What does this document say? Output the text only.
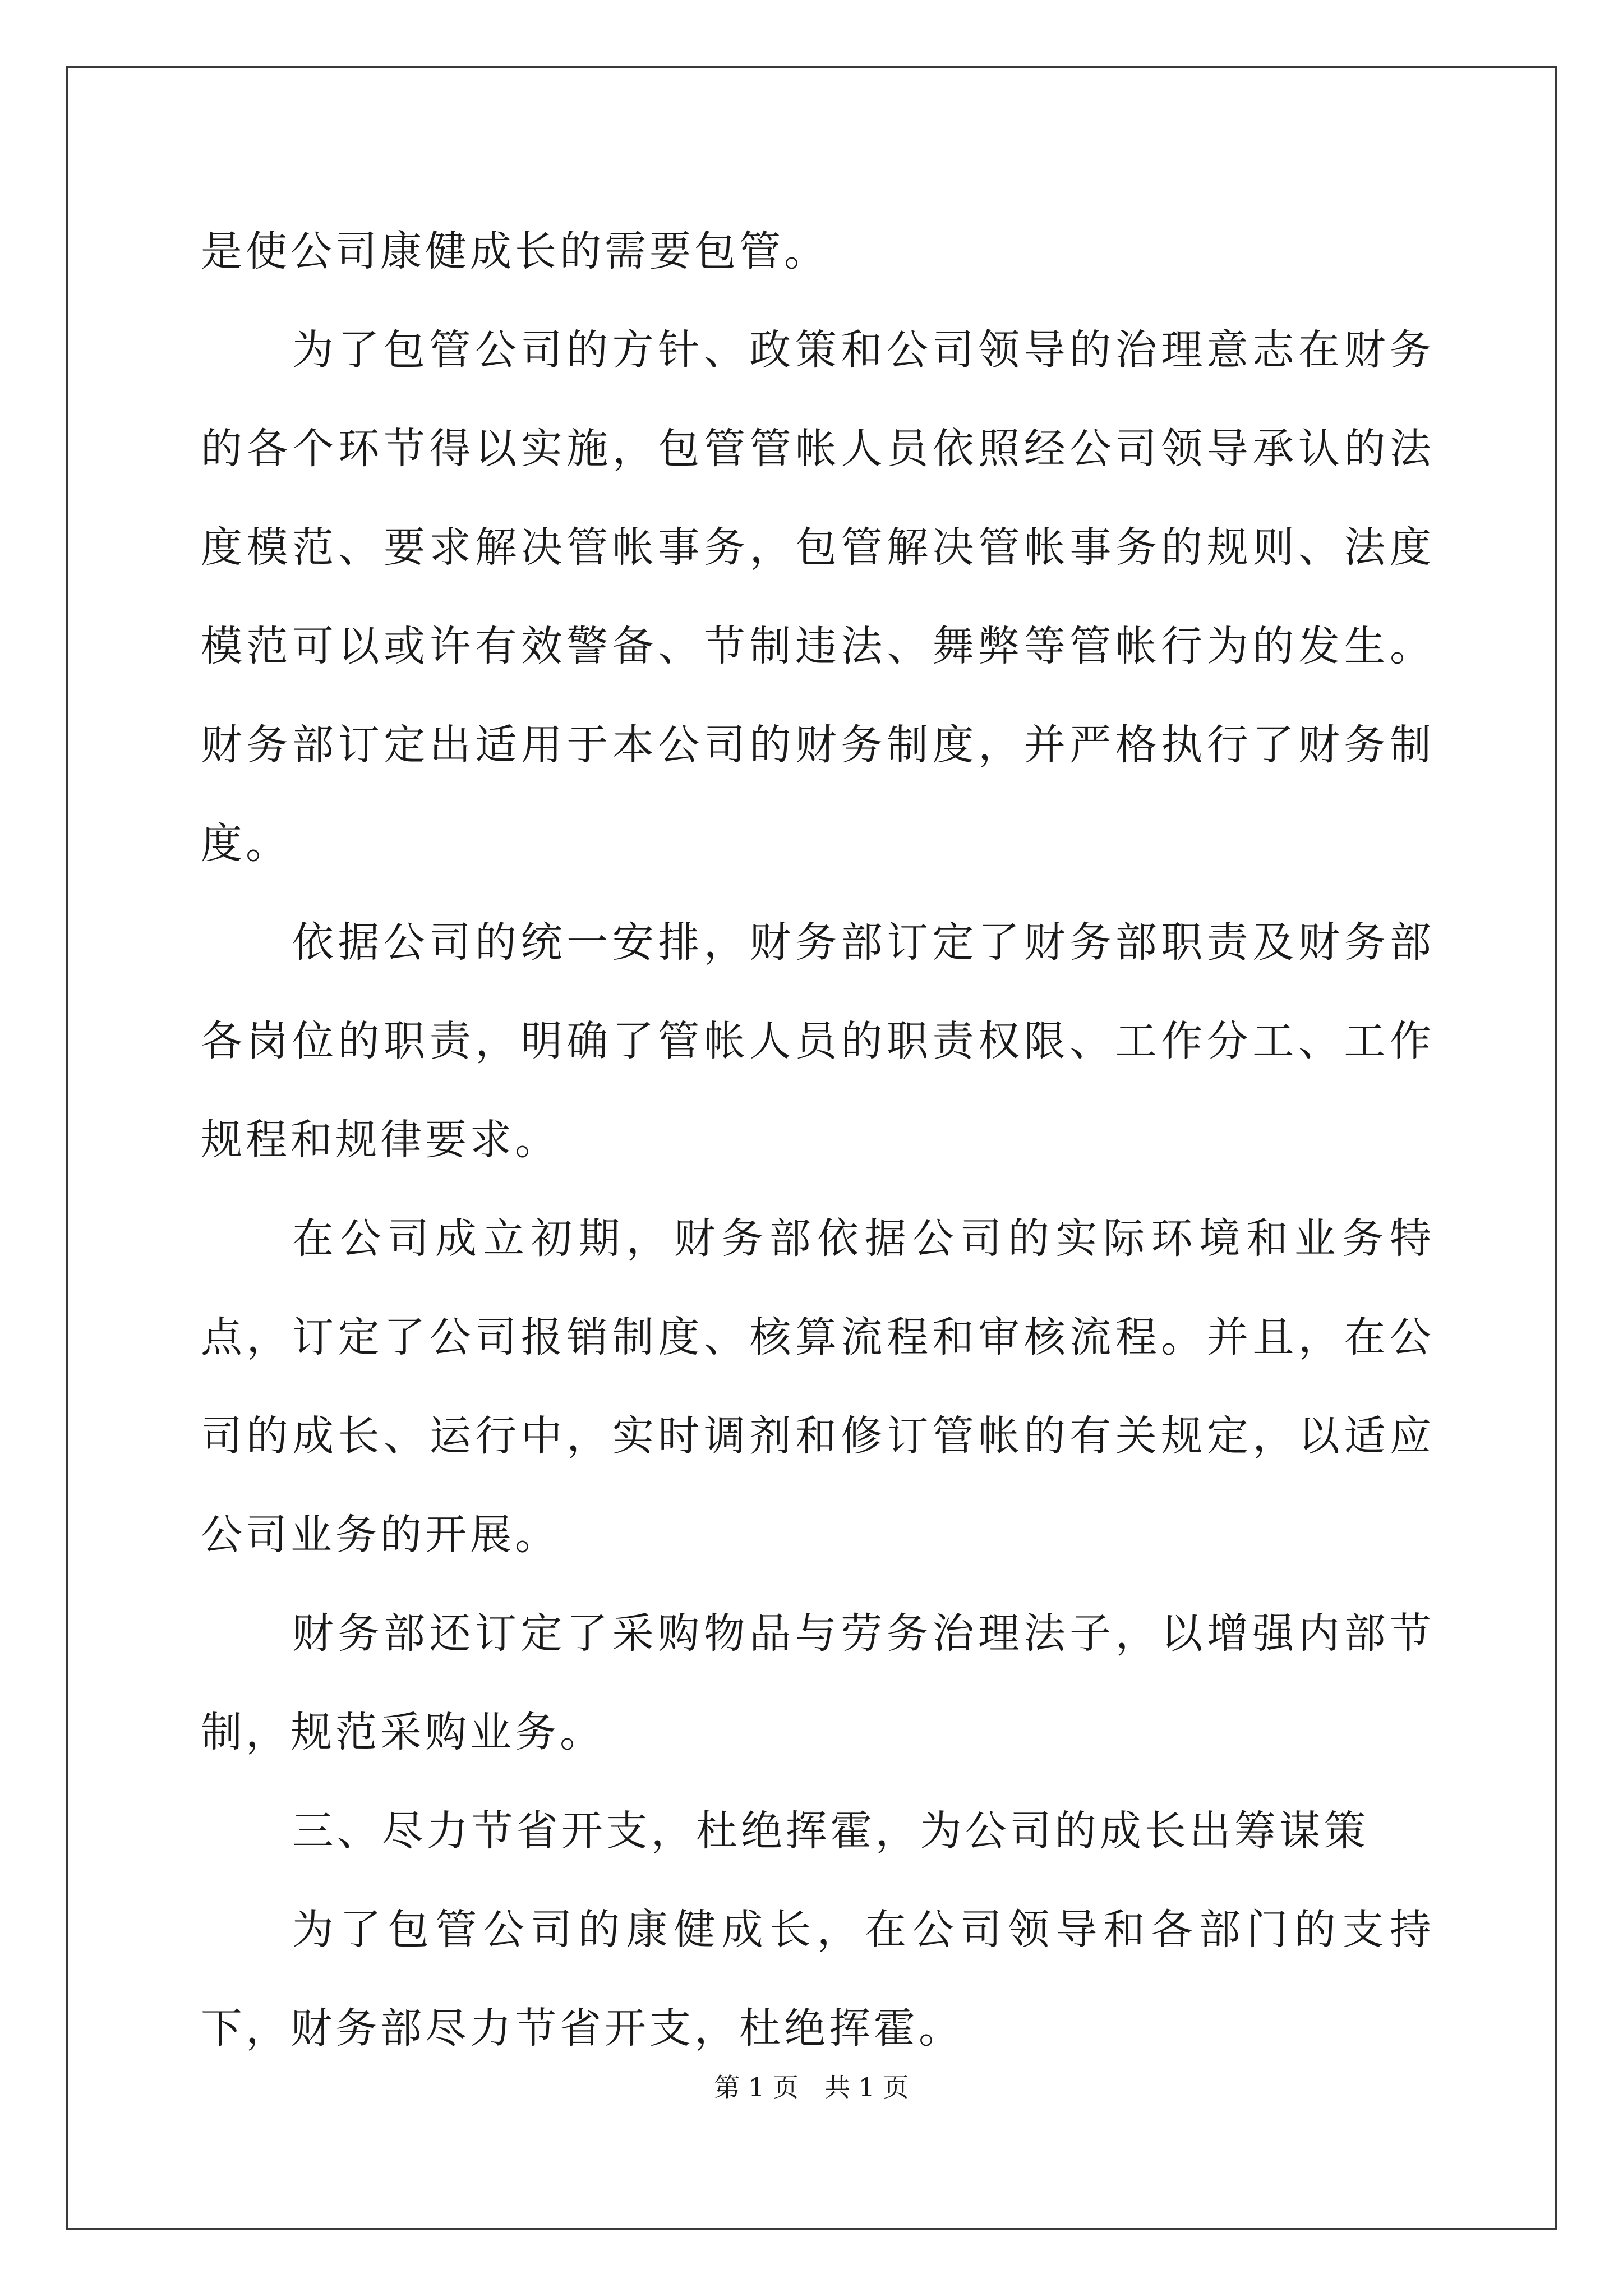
是使公司康健成长的需要包管。

为了包管公司的方针、政策和公司领导的治理意志在财务的各个环节得以实施，包管管帐人员依照经公司领导承认的法度模范、要求解决管帐事务，包管解决管帐事务的规则、法度模范可以或许有效警备、节制违法、舞弊等管帐行为的发生。财务部订定出适用于本公司的财务制度，并严格执行了财务制度。

依据公司的统一安排，财务部订定了财务部职责及财务部各岗位的职责，明确了管帐人员的职责权限、工作分工、工作规程和规律要求。

在公司成立初期，财务部依据公司的实际环境和业务特点，订定了公司报销制度、核算流程和审核流程。并且，在公司的成长、运行中，实时调剂和修订管帐的有关规定，以适应公司业务的开展。

财务部还订定了采购物品与劳务治理法子，以增强内部节制，规范采购业务。

三、尽力节省开支，杜绝挥霍，为公司的成长出筹谋策

为了包管公司的康健成长，在公司领导和各部门的支持下，财务部尽力节省开支，杜绝挥霍。

第 1 页　共 1 页
